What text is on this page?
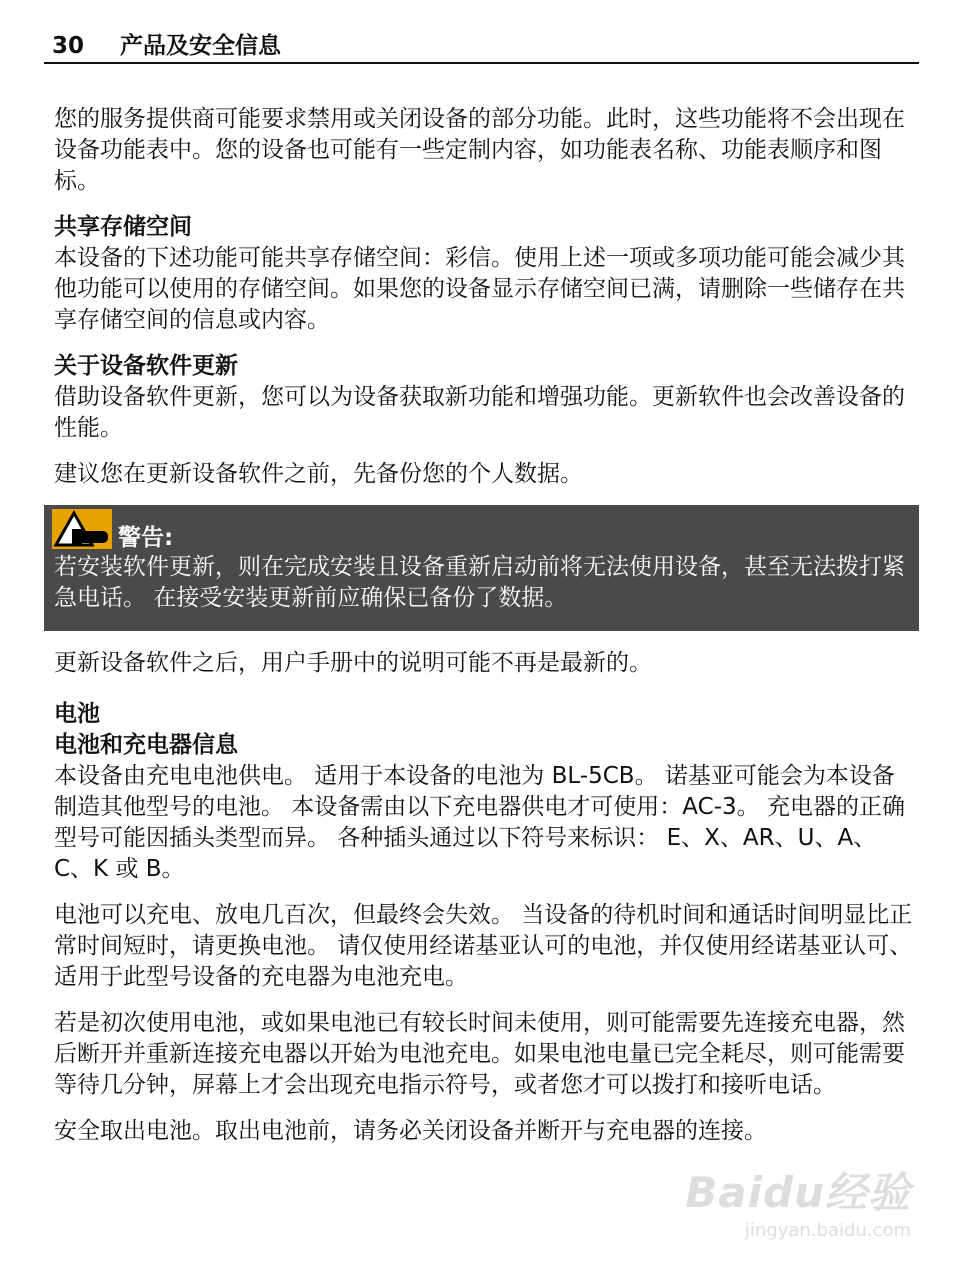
30 产品及安全信息

您的服务提供商可能要求禁用或关闭设备的部分功能。此时，这些功能将不会出现在设备功能表中。您的设备也可能有一些定制内容，如功能表名称、功能表顺序和图标。

共享存储空间

本设备的下述功能可能共享存储空间：彩信。使用上述一项或多项功能可能会减少其他功能可以使用的存储空间。如果您的设备显示存储空间已满，请删除一些储存在共享存储空间的信息或内容。

关于设备软件更新

借助设备软件更新，您可以为设备获取新功能和增强功能。更新软件也会改善设备的性能。

建议您在更新设备软件之前，先备份您的个人数据。

警告:
若安装软件更新，则在完成安装且设备重新启动前将无法使用设备，甚至无法拨打紧急电话。 在接受安装更新前应确保已备份了数据。

更新设备软件之后，用户手册中的说明可能不再是最新的。

电池

电池和充电器信息

本设备由充电电池供电。 适用于本设备的电池为 BL-5CB。 诺基亚可能会为本设备制造其他型号的电池。 本设备需由以下充电器供电才可使用：AC-3。 充电器的正确型号可能因插头类型而异。 各种插头通过以下符号来标识： E、X、AR、U、A、C、K 或 B。

电池可以充电、放电几百次，但最终会失效。 当设备的待机时间和通话时间明显比正常时间短时，请更换电池。 请仅使用经诺基亚认可的电池，并仅使用经诺基亚认可、适用于此型号设备的充电器为电池充电。

若是初次使用电池，或如果电池已有较长时间未使用，则可能需要先连接充电器，然后断开并重新连接充电器以开始为电池充电。如果电池电量已完全耗尽，则可能需要等待几分钟，屏幕上才会出现充电指示符号，或者您才可以拨打和接听电话。

安全取出电池。取出电池前，请务必关闭设备并断开与充电器的连接。

Baidu经验
jingyan.baidu.com
